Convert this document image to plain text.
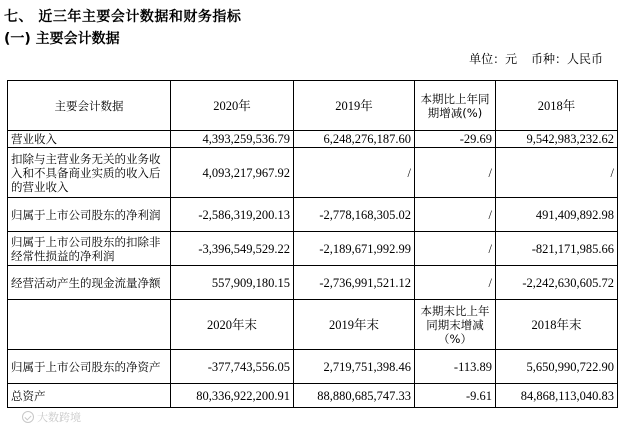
七、 近三年主要会计数据和财务指标
(一) 主要会计数据
单位：元 币种：人民币
主要会计数据	2020年	2019年	本期比上年同期增减(%)	2018年
营业收入	4,393,259,536.79	6,248,276,187.60	-29.69	9,542,983,232.62
扣除与主营业务无关的业务收入和不具备商业实质的收入后的营业收入	4,093,217,967.92	/	/	/
归属于上市公司股东的净利润	-2,586,319,200.13	-2,778,168,305.02	/	491,409,892.98
归属于上市公司股东的扣除非经常性损益的净利润	-3,396,549,529.22	-2,189,671,992.99	/	-821,171,985.66
经营活动产生的现金流量净额	557,909,180.15	-2,736,991,521.12	/	-2,242,630,605.72
	2020年末	2019年末	本期末比上年同期末增减（%）	2018年末
归属于上市公司股东的净资产	-377,743,556.05	2,719,751,398.46	-113.89	5,650,990,722.90
总资产	80,336,922,200.91	88,880,685,747.33	-9.61	84,868,113,040.83
大数跨境
